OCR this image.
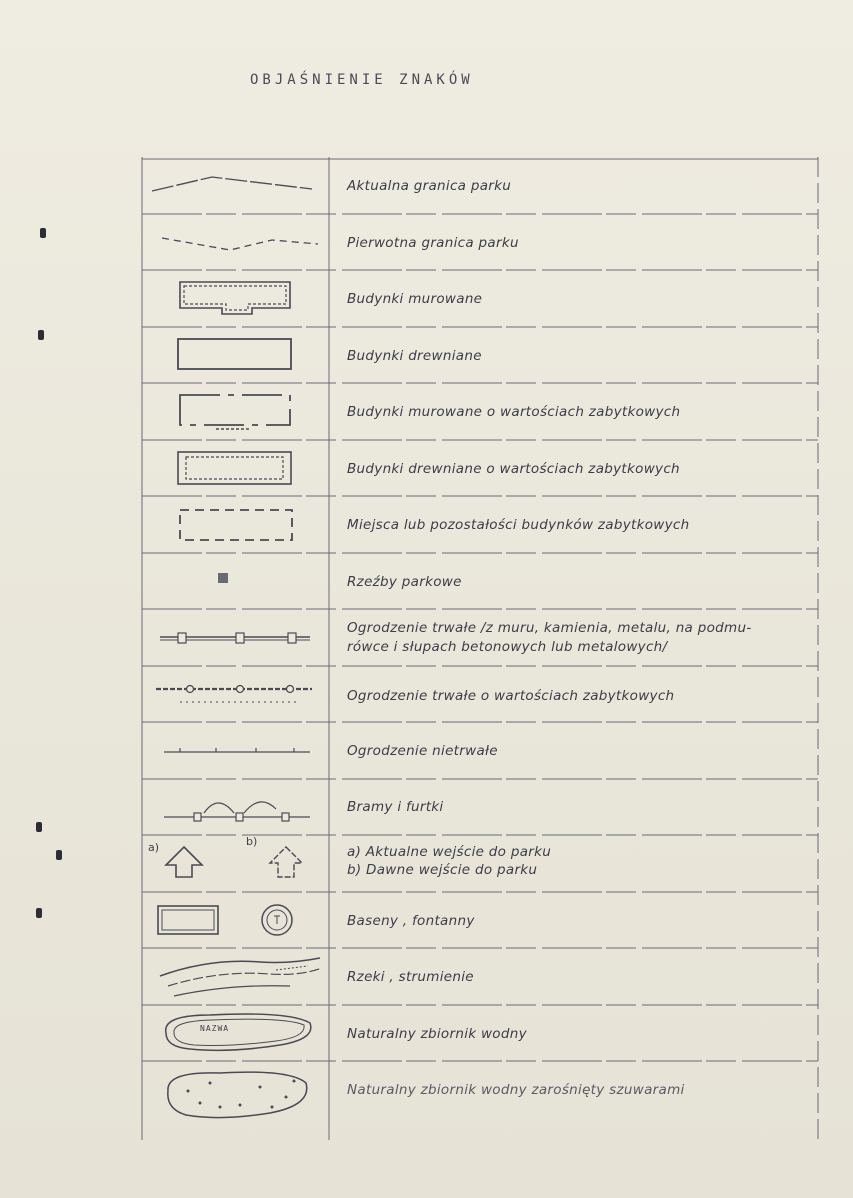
OBJAŚNIENIE ZNAKÓW
Aktualna granica parku
Pierwotna granica parku
Budynki murowane
Budynki drewniane
Budynki murowane o wartościach zabytkowych
Budynki drewniane o wartościach zabytkowych
Miejsca lub pozostałości budynków zabytkowych
Rzeźby parkowe
Ogrodzenie trwałe /z muru, kamienia, metalu, na podmu-
rówce i słupach betonowych lub metalowych/
Ogrodzenie trwałe o wartościach zabytkowych
Ogrodzenie nietrwałe
Bramy i furtki
a)	b)
a) Aktualne wejście do parku
b) Dawne wejście do parku
Baseny , fontanny
Rzeki , strumienie
NAZWA	Naturalny zbiornik wodny
Naturalny zbiornik wodny zarośnięty szuwarami
